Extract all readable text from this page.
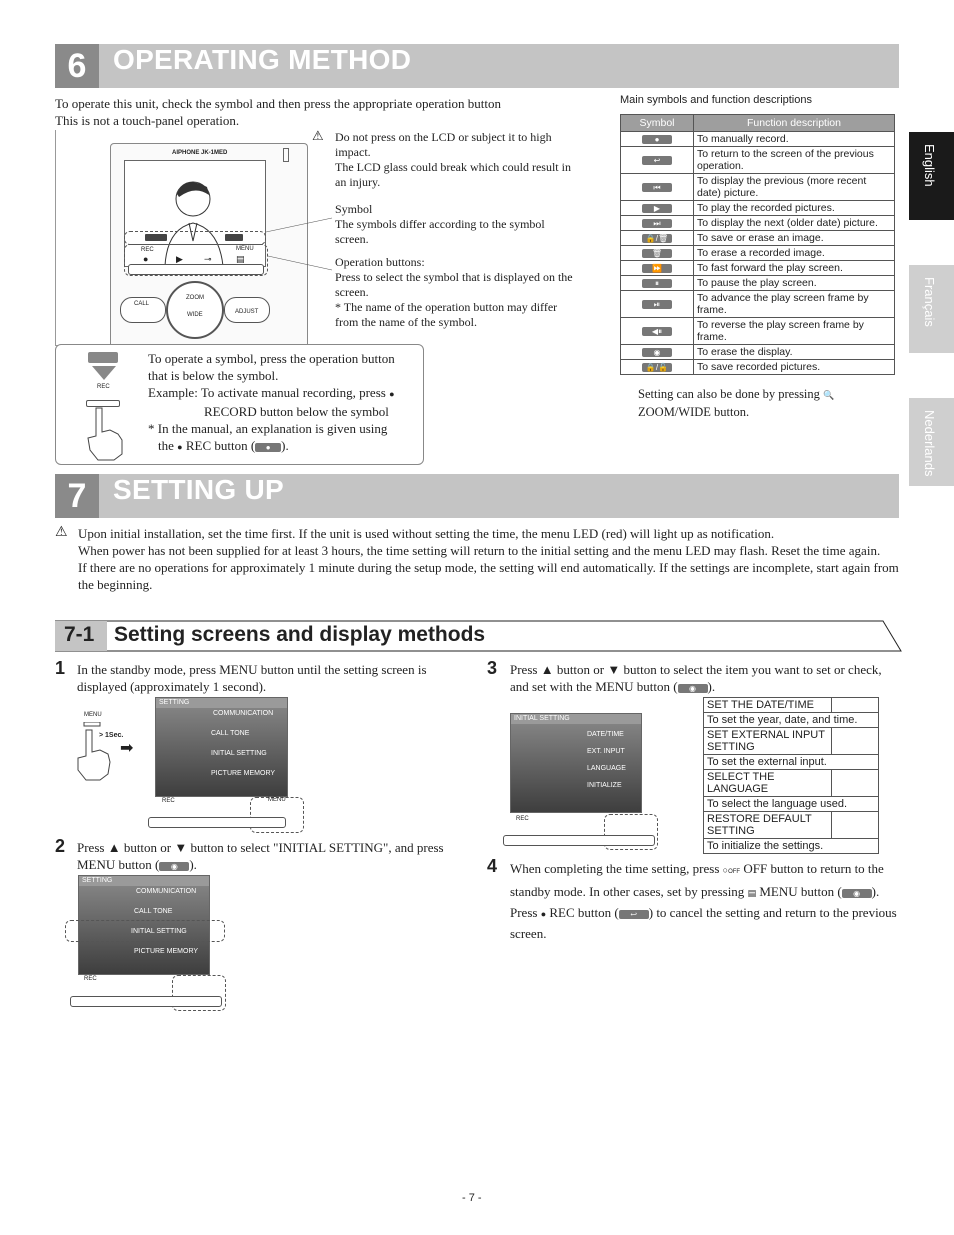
6 OPERATING METHOD
To operate this unit, check the symbol and then press the appropriate operation button
This is not a touch-panel operation.
AIPHONE JK-1MED
REC	MENU
●	▶ ⊸	▤
CALL
ZOOM
WIDE	ADJUST
⚠ Do not press on the LCD or subject it to high impact.
The LCD glass could break which could result in an injury.
Symbol
The symbols differ according to the symbol screen.
Operation buttons:
Press to select the symbol that is displayed on the screen.
* The name of the operation button may differ from the name of the symbol.
REC
To operate a symbol, press the operation button that is below the symbol.
Example: To activate manual recording, press ●
RECORD button below the symbol
* In the manual, an explanation is given using
the ● REC button ( ● ).
Main symbols and function descriptions
Symbol	Function description
●	To manually record.
↩	To return to the screen of the previous operation.
⏮	To display the previous (more recent date) picture.
▶	To play the recorded pictures.
⏭	To display the next (older date) picture.
🔒/🗑	To save or erase an image.
🗑	To erase a recorded image.
⏩	To fast forward the play screen.
⏸	To pause the play screen.
⏯	To advance the play screen frame by frame.
◀⏸	To reverse the play screen frame by frame.
◉	To erase the display.
🔒/🔓	To save recorded pictures.
Setting can also be done by pressing 🔍
ZOOM/WIDE button.
English
Français
Nederlands
7 SETTING UP
⚠ Upon initial installation, set the time first. If the unit is used without setting the time, the menu LED (red) will light up as notification.
When power has not been supplied for at least 3 hours, the time setting will return to the initial setting and the menu LED may flash. Reset the time again.
If there are no operations for approximately 1 minute during the setup mode, the setting will end automatically. If the settings are incomplete, start again from the beginning.
7-1 Setting screens and display methods
1 In the standby mode, press MENU button until the setting screen is displayed (approximately 1 second).
MENU
> 1Sec.
➡
SETTING
COMMUNICATION
CALL TONE
INITIAL SETTING
PICTURE MEMORY
REC	MENU
2 Press ▲ button or ▼ button to select "INITIAL SETTING", and press MENU button ( ◉ ).
SETTING
COMMUNICATION
CALL TONE
INITIAL SETTING
PICTURE MEMORY
REC
3 Press ▲ button or ▼ button to select the item you want to set or check, and set with the MENU button ( ◉ ).
INITIAL SETTING
DATE/TIME
EXT. INPUT
LANGUAGE
INITIALIZE
REC
SET THE DATE/TIME	
To set the year, date, and time.	
SET EXTERNAL INPUT SETTING	
To set the external input.	
SELECT THE LANGUAGE	
To select the language used.	
RESTORE DEFAULT SETTING	
To initialize the settings.	
4 When completing the time setting, press ○OFF OFF button to return to the standby mode. In other cases, set by pressing ▤ MENU button ( ◉ ). Press ● REC button ( ↩ ) to cancel the setting and return to the previous screen.
- 7 -
